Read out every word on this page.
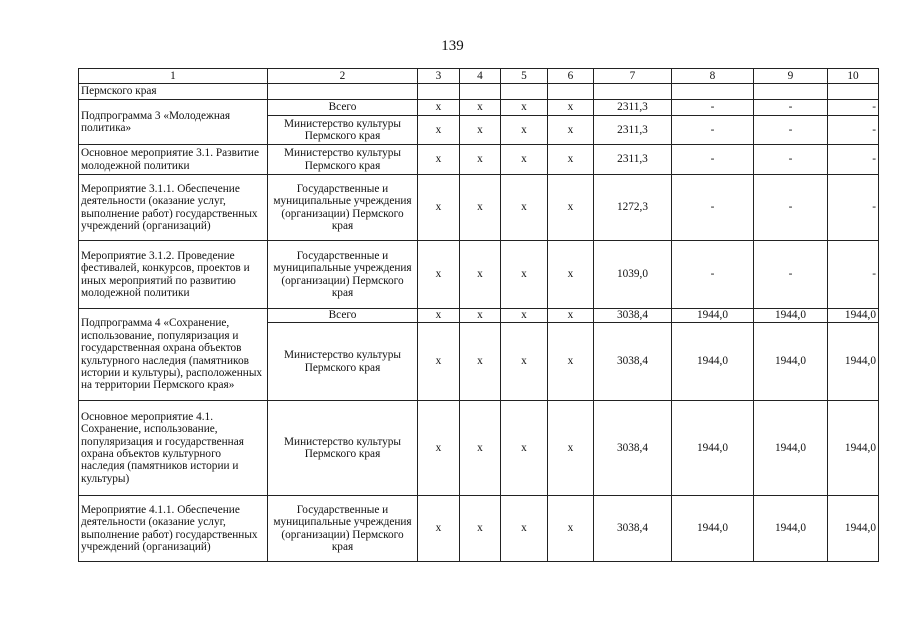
139
1	2	3	4	5	6	7	8	9	10
Пермского края									
Подпрограмма 3 «Молодежная политика»	Всего	x	x	x	x	2311,3	-	-	-
	Министерство культуры Пермского края	x	x	x	x	2311,3	-	-	-
Основное мероприятие 3.1. Развитие молодежной политики	Министерство культуры Пермского края	x	x	x	x	2311,3	-	-	-
Мероприятие 3.1.1. Обеспечение деятельности (оказание услуг, выполнение работ) государственных учреждений (организаций)	Государственные и муниципальные учреждения (организации) Пермского края	x	x	x	x	1272,3	-	-	-
Мероприятие 3.1.2. Проведение фестивалей, конкурсов, проектов и иных мероприятий по развитию молодежной политики	Государственные и муниципальные учреждения (организации) Пермского края	x	x	x	x	1039,0	-	-	-
Подпрограмма 4 «Сохранение, использование, популяризация и государственная охрана объектов культурного наследия (памятников истории и культуры), расположенных на территории Пермского края»	Всего	x	x	x	x	3038,4	1944,0	1944,0	1944,0
	Министерство культуры Пермского края	x	x	x	x	3038,4	1944,0	1944,0	1944,0
Основное мероприятие 4.1. Сохранение, использование, популяризация и государственная охрана объектов культурного наследия (памятников истории и культуры)	Министерство культуры Пермского края	x	x	x	x	3038,4	1944,0	1944,0	1944,0
Мероприятие 4.1.1. Обеспечение деятельности (оказание услуг, выполнение работ) государственных учреждений (организаций)	Государственные и муниципальные учреждения (организации) Пермского края	x	x	x	x	3038,4	1944,0	1944,0	1944,0
